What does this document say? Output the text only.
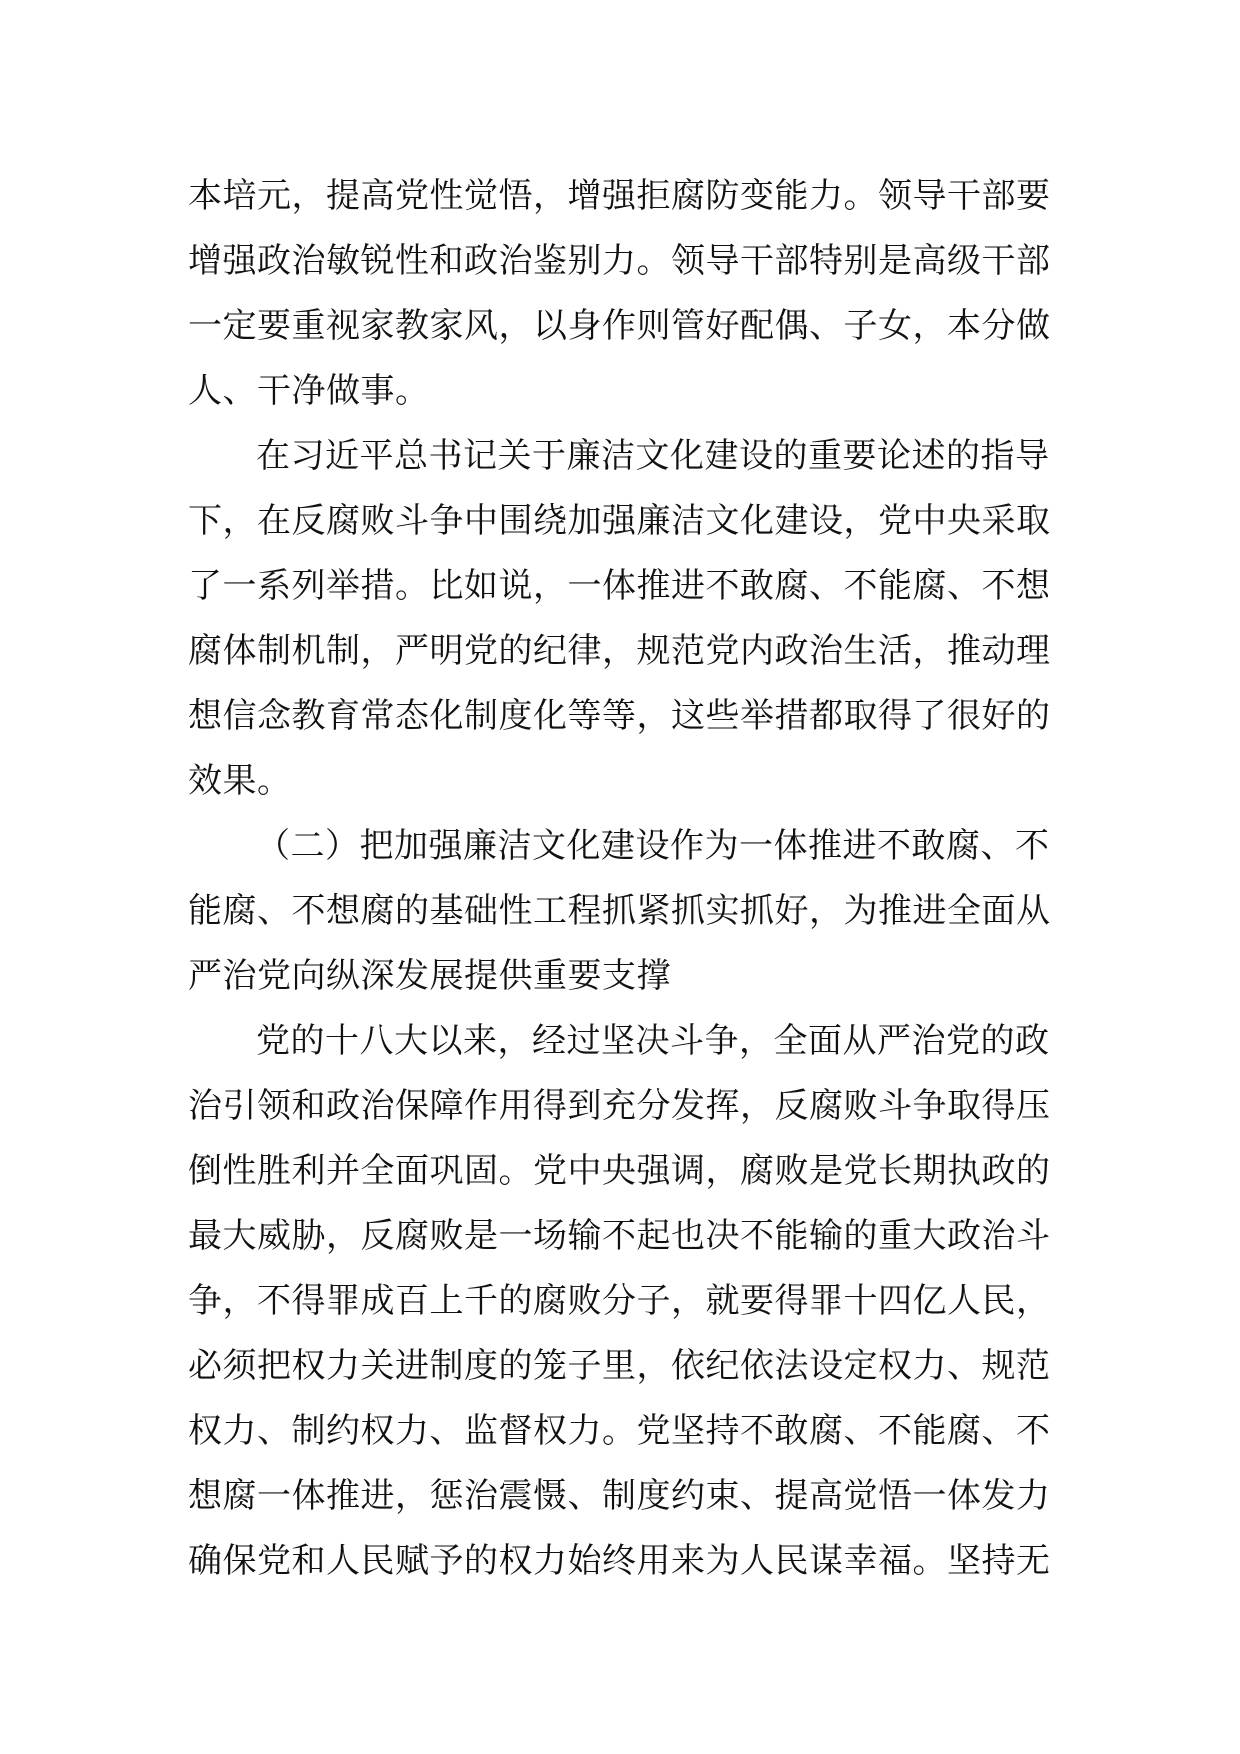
本培元，提高党性觉悟，增强拒腐防变能力。领导干部要
增强政治敏锐性和政治鉴别力。领导干部特别是高级干部
一定要重视家教家风，以身作则管好配偶、子女，本分做
人、干净做事。
在习近平总书记关于廉洁文化建设的重要论述的指导
下，在反腐败斗争中围绕加强廉洁文化建设，党中央采取
了一系列举措。比如说，一体推进不敢腐、不能腐、不想
腐体制机制，严明党的纪律，规范党内政治生活，推动理
想信念教育常态化制度化等等，这些举措都取得了很好的
效果。
（二）把加强廉洁文化建设作为一体推进不敢腐、不
能腐、不想腐的基础性工程抓紧抓实抓好，为推进全面从
严治党向纵深发展提供重要支撑
党的十八大以来，经过坚决斗争，全面从严治党的政
治引领和政治保障作用得到充分发挥，反腐败斗争取得压
倒性胜利并全面巩固。党中央强调，腐败是党长期执政的
最大威胁，反腐败是一场输不起也决不能输的重大政治斗
争，不得罪成百上千的腐败分子，就要得罪十四亿人民，
必须把权力关进制度的笼子里，依纪依法设定权力、规范
权力、制约权力、监督权力。党坚持不敢腐、不能腐、不
想腐一体推进，惩治震慑、制度约束、提高觉悟一体发力
确保党和人民赋予的权力始终用来为人民谋幸福。坚持无
